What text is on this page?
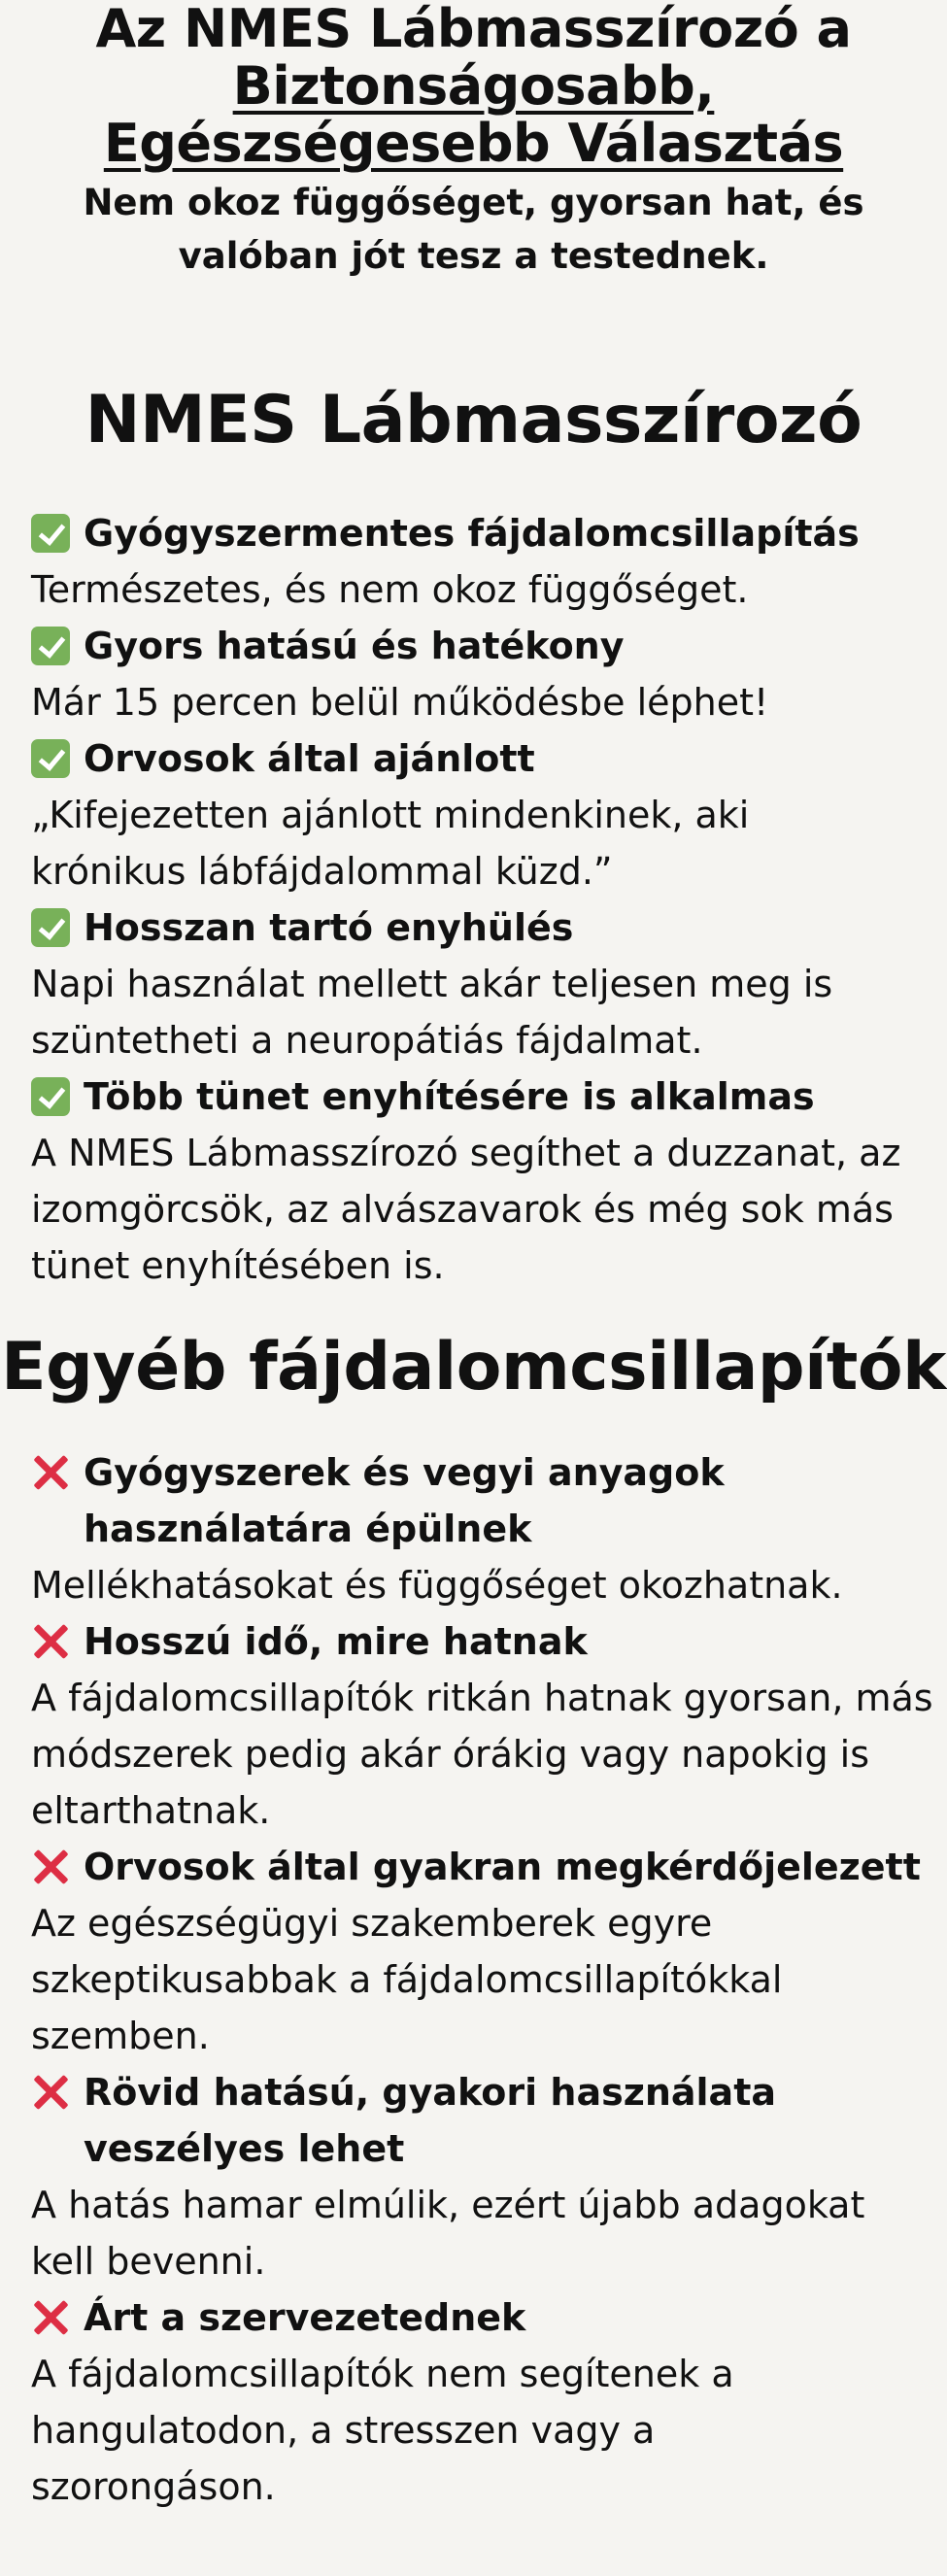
Az NMES Lábmasszírozó a
Biztonságosabb,
Egészségesebb Választás

Nem okoz függőséget, gyorsan hat, és valóban jót tesz a testednek.

NMES Lábmasszírozó
Gyógyszermentes fájdalomcsillapítás
Természetes, és nem okoz függőséget.
Gyors hatású és hatékony
Már 15 percen belül működésbe léphet!
Orvosok által ajánlott
„Kifejezetten ajánlott mindenkinek, aki krónikus lábfájdalommal küzd.”
Hosszan tartó enyhülés
Napi használat mellett akár teljesen meg is szüntetheti a neuropátiás fájdalmat.
Több tünet enyhítésére is alkalmas
A NMES Lábmasszírozó segíthet a duzzanat, az izomgörcsök, az alvászavarok és még sok más tünet enyhítésében is.
Egyéb fájdalomcsillapítók
Gyógyszerek és vegyi anyagok használatára épülnek
Mellékhatásokat és függőséget okozhatnak.
Hosszú idő, mire hatnak
A fájdalomcsillapítók ritkán hatnak gyorsan, más módszerek pedig akár órákig vagy napokig is eltarthatnak.
Orvosok által gyakran megkérdőjelezett
Az egészségügyi szakemberek egyre szkeptikusabbak a fájdalomcsillapítókkal szemben.
Rövid hatású, gyakori használata veszélyes lehet
A hatás hamar elmúlik, ezért újabb adagokat kell bevenni.
Árt a szervezetednek
A fájdalomcsillapítók nem segítenek a hangulatodon, a stresszen vagy a szorongáson.
